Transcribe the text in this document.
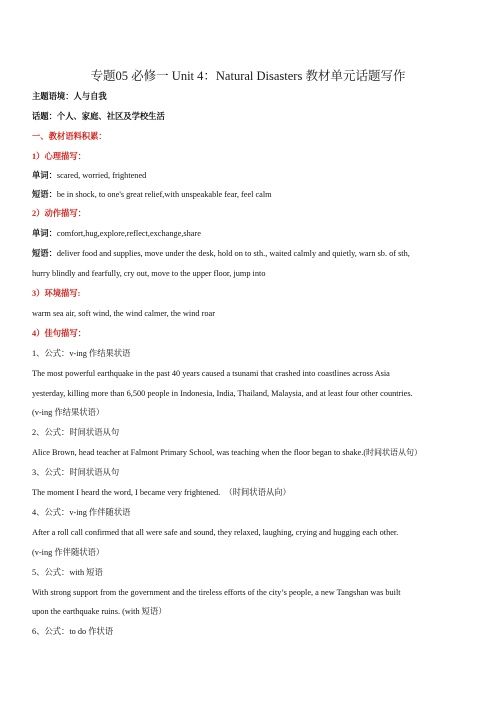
专题05 必修一 Unit 4：Natural Disasters 教材单元话题写作
主题语境：人与自我
话题：个人、家庭、社区及学校生活
一、教材语料积累：
1）心理描写：
单词：scared, worried, frightened
短语：be in shock, to one's great relief,with unspeakable fear, feel calm
2）动作描写：
单词：comfort,hug,explore,reflect,exchange,share
短语：deliver food and supplies, move under the desk, hold on to sth., waited calmly and quietly, warn sb. of sth,
hurry blindly and fearfully, cry out, move to the upper floor, jump into
3）环境描写:
warm sea air, soft wind, the wind calmer, the wind roar
4）佳句描写：
1、公式：v-ing 作结果状语
The most powerful earthquake in the past 40 years caused a tsunami that crashed into coastlines across Asia
yesterday, killing more than 6,500 people in Indonesia, India, Thailand, Malaysia, and at least four other countries.
(v-ing 作结果状语）
2、公式：时间状语从句
Alice Brown, head teacher at Falmont Primary School, was teaching when the floor began to shake.(时间状语从句）
3、公式：时间状语从句
The moment I heard the word, I became very frightened. （时间状语从向）
4、公式：v-ing 作伴随状语
After a roll call confirmed that all were safe and sound, they relaxed, laughing, crying and hugging each other.
(v-ing 作伴随状语）
5、公式：with 短语
With strong support from the government and the tireless efforts of the city’s people, a new Tangshan was built
upon the earthquake ruins. (with 短语）
6、公式：to do 作状语
